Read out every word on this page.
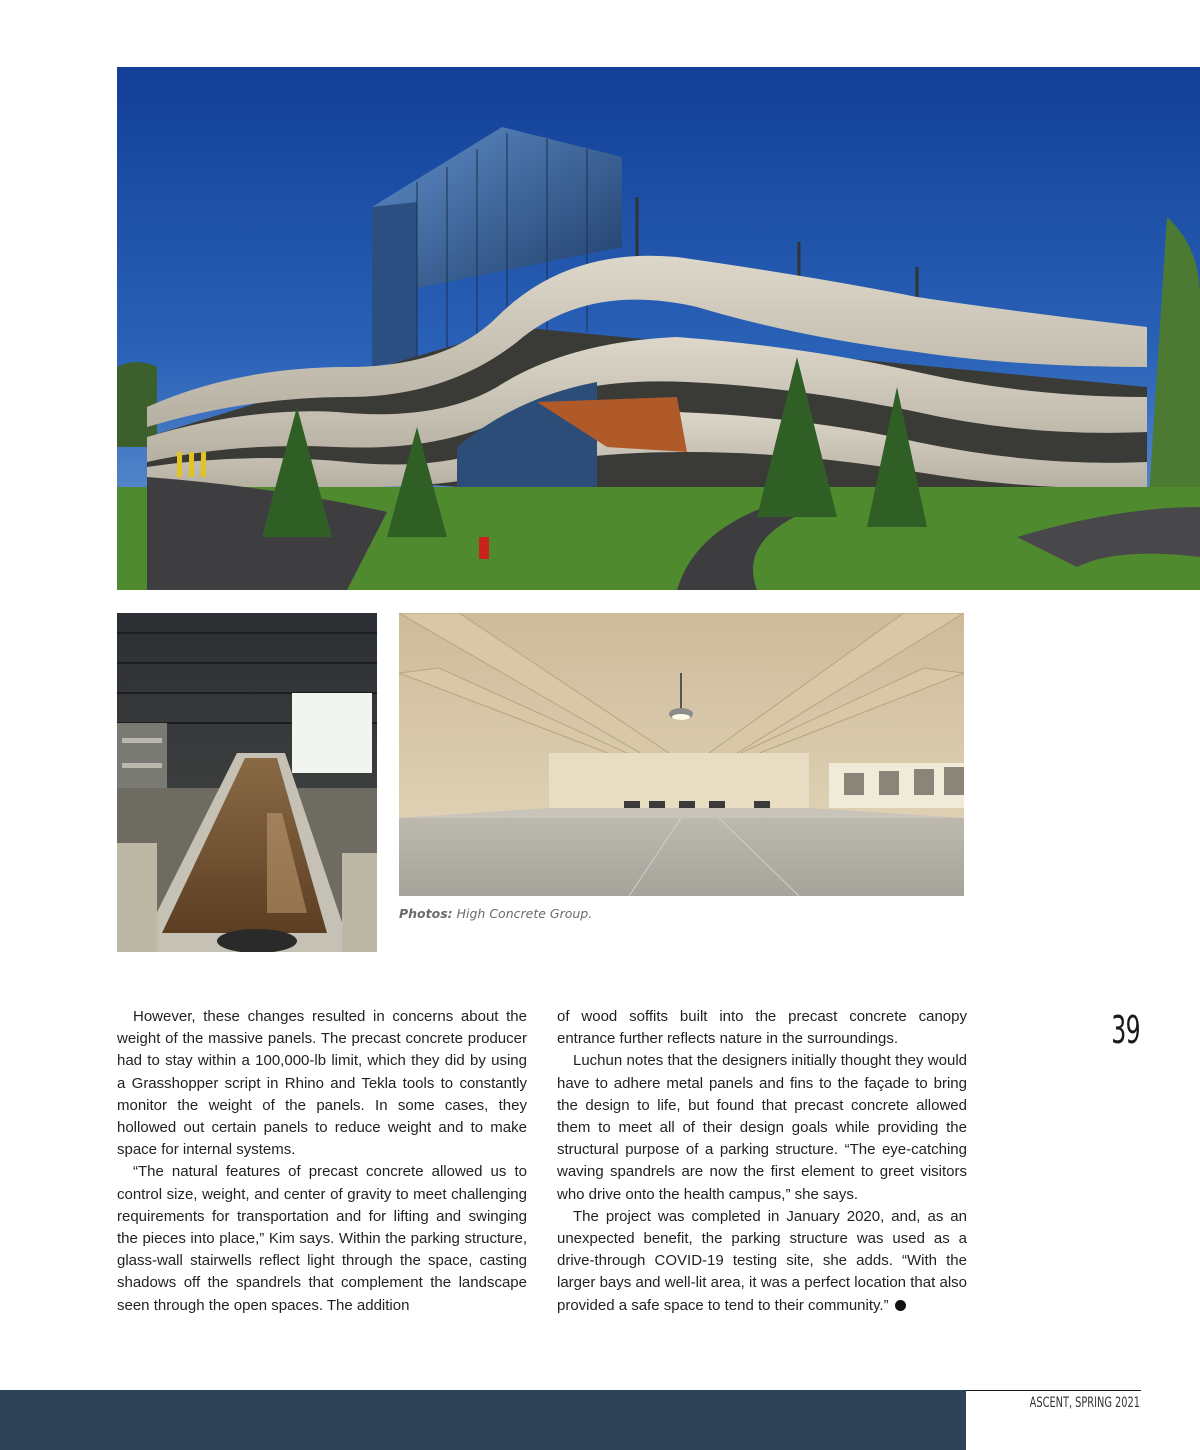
Photos: High Concrete Group.

However, these changes resulted in concerns about the weight of the massive panels. The precast concrete producer had to stay within a 100,000-lb limit, which they did by using a Grasshopper script in Rhino and Tekla tools to constantly monitor the weight of the panels. In some cases, they hollowed out certain panels to reduce weight and to make space for internal systems.

“The natural features of precast concrete allowed us to control size, weight, and center of gravity to meet challenging requirements for transportation and for lifting and swinging the pieces into place,” Kim says. Within the parking structure, glass-wall stairwells reflect light through the space, casting shadows off the spandrels that complement the landscape seen through the open spaces. The addition

of wood soffits built into the precast concrete canopy entrance further reflects nature in the surroundings.

Luchun notes that the designers initially thought they would have to adhere metal panels and fins to the façade to bring the design to life, but found that precast concrete allowed them to meet all of their design goals while providing the structural purpose of a parking structure. “The eye-catching waving spandrels are now the first element to greet visitors who drive onto the health campus,” she says.

The project was completed in January 2020, and, as an unexpected benefit, the parking structure was used as a drive-through COVID-19 testing site, she adds. “With the larger bays and well-lit area, it was a perfect location that also provided a safe space to tend to their community.”

39
ASCENT, SPRING 2021
